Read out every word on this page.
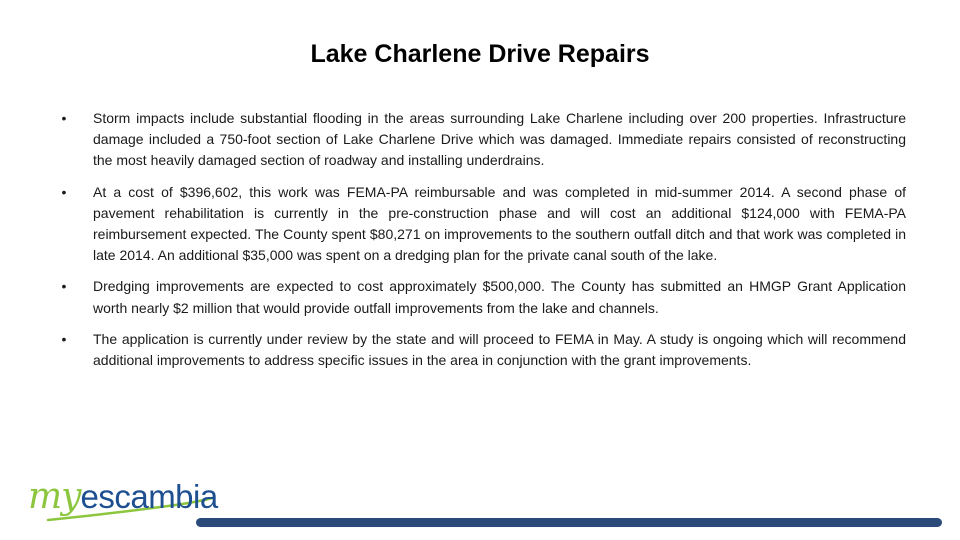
Lake Charlene Drive Repairs
• Storm impacts include substantial flooding in the areas surrounding Lake Charlene including over 200 properties. Infrastructure damage included a 750-foot section of Lake Charlene Drive which was damaged. Immediate repairs consisted of reconstructing the most heavily damaged section of roadway and installing underdrains.
• At a cost of $396,602, this work was FEMA-PA reimbursable and was completed in mid-summer 2014. A second phase of pavement rehabilitation is currently in the pre-construction phase and will cost an additional $124,000 with FEMA-PA reimbursement expected. The County spent $80,271 on improvements to the southern outfall ditch and that work was completed in late 2014. An additional $35,000 was spent on a dredging plan for the private canal south of the lake.
• Dredging improvements are expected to cost approximately $500,000. The County has submitted an HMGP Grant Application worth nearly $2 million that would provide outfall improvements from the lake and channels.
• The application is currently under review by the state and will proceed to FEMA in May. A study is ongoing which will recommend additional improvements to address specific issues in the area in conjunction with the grant improvements.
myescambia
